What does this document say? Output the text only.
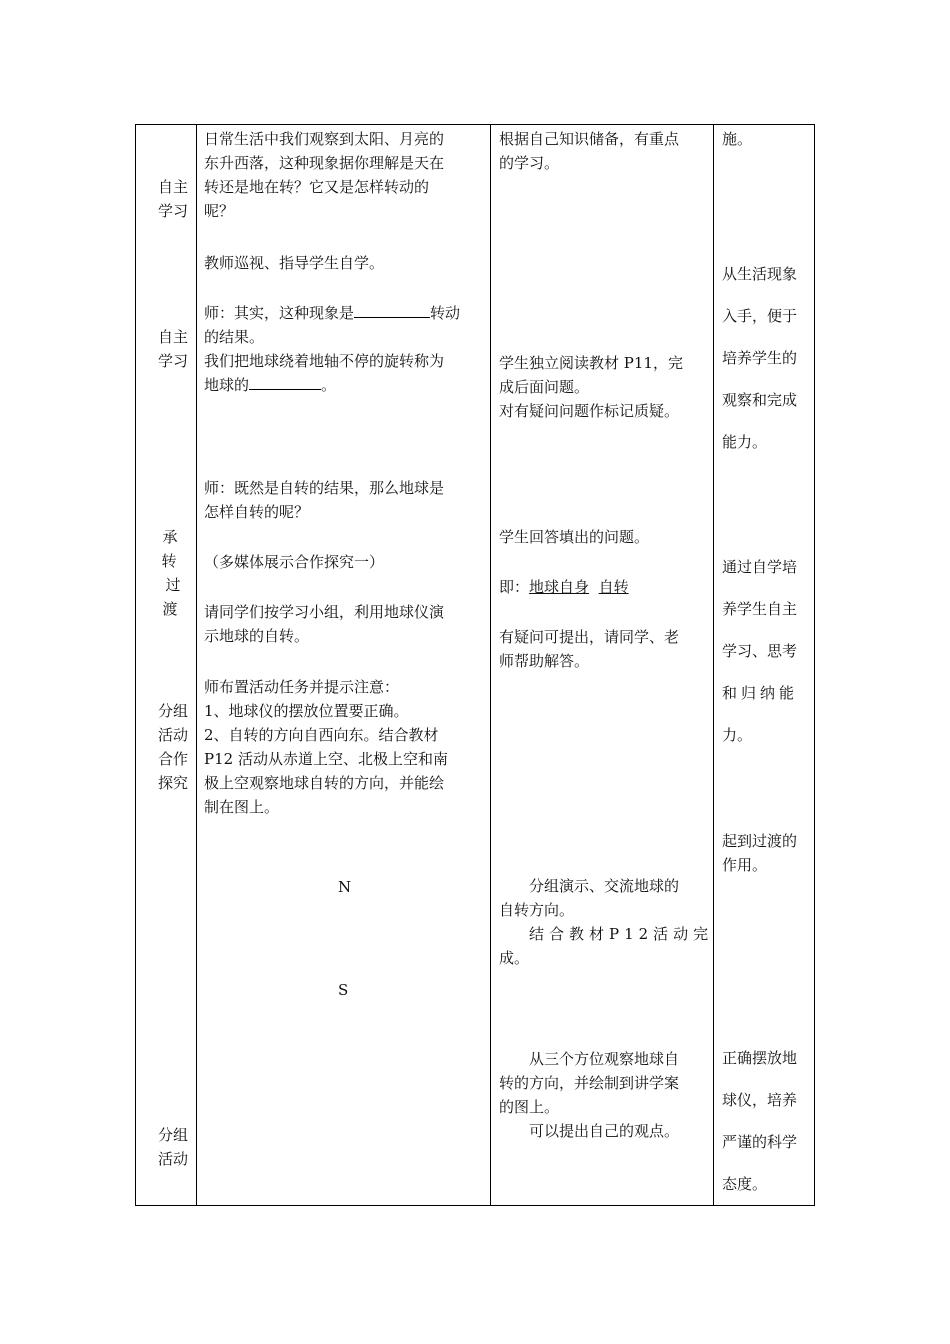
自主
学习
自主
学习
承
转
过
渡
分组
活动
合作
探究
分组
活动
日常生活中我们观察到太阳、月亮的
东升西落，这种现象据你理解是天在
转还是地在转？它又是怎样转动的
呢？
教师巡视、指导学生自学。
师：其实，这种现象是	转动
的结果。
我们把地球绕着地轴不停的旋转称为
地球的	。
师：既然是自转的结果，那么地球是
怎样自转的呢？
（多媒体展示合作探究一）
请同学们按学习小组，利用地球仪演
示地球的自转。
师布置活动任务并提示注意：
1、地球仪的摆放位置要正确。
2、自转的方向自西向东。结合教材
P12 活动从赤道上空、北极上空和南
极上空观察地球自转的方向，并能绘
制在图上。
N
S
根据自己知识储备，有重点
的学习。
学生独立阅读教材 P11，完
成后面问题。
对有疑问问题作标记质疑。
学生回答填出的问题。
即：地球自身 自转
有疑问可提出，请同学、老
师帮助解答。
分组演示、交流地球的
自转方向。
结合教材P12活动完
成。
从三个方位观察地球自
转的方向，并绘制到讲学案
的图上。
可以提出自己的观点。
施。
从生活现象
入手，便于
培养学生的
观察和完成
能力。
通过自学培
养学生自主
学习、思考
和归纳能
力。
起到过渡的
作用。
正确摆放地
球仪，培养
严谨的科学
态度。
